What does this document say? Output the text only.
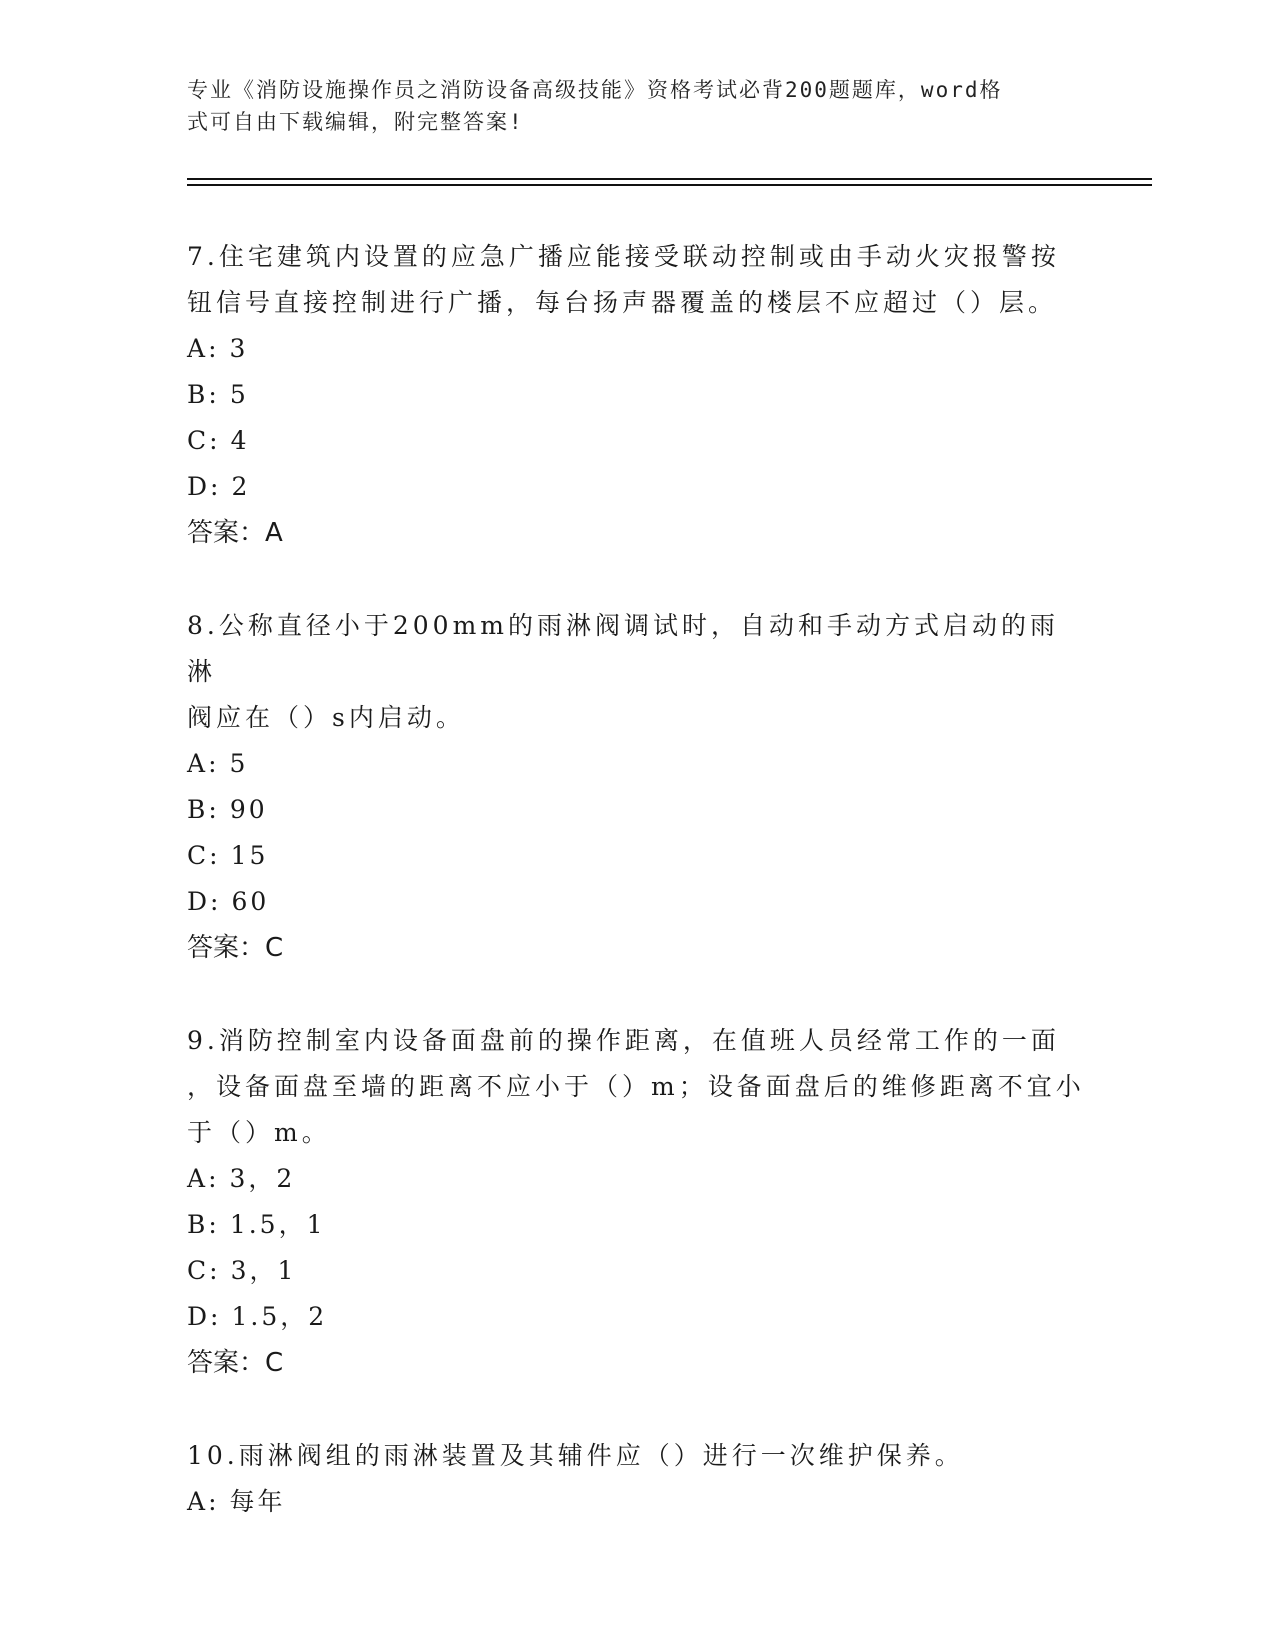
专业《消防设施操作员之消防设备高级技能》资格考试必背200题题库，word格
式可自由下载编辑，附完整答案!

7.住宅建筑内设置的应急广播应能接受联动控制或由手动火灾报警按

钮信号直接控制进行广播，每台扬声器覆盖的楼层不应超过（）层。

A: 3

B: 5

C: 4

D: 2

答案：A

8.公称直径小于200mm的雨淋阀调试时，自动和手动方式启动的雨淋

阀应在（）s内启动。

A: 5

B: 90

C: 15

D: 60

答案：C

9.消防控制室内设备面盘前的操作距离，在值班人员经常工作的一面

，设备面盘至墙的距离不应小于（）m；设备面盘后的维修距离不宜小

于（）m。

A: 3，2

B: 1.5，1

C: 3，1

D: 1.5，2

答案：C

10.雨淋阀组的雨淋装置及其辅件应（）进行一次维护保养。

A: 每年
